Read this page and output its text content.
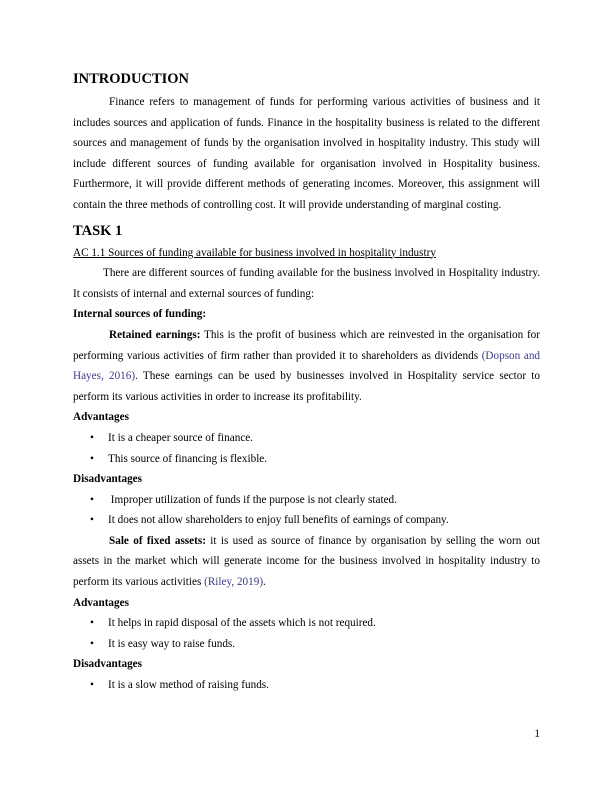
INTRODUCTION

Finance refers to management of funds for performing various activities of business and it includes sources and application of funds. Finance in the hospitality business is related to the different sources and management of funds by the organisation involved in hospitality industry. This study will include different sources of funding available for organisation involved in Hospitality business. Furthermore, it will provide different methods of generating incomes. Moreover, this assignment will contain the three methods of controlling cost. It will provide understanding of marginal costing.

TASK 1
AC 1.1 Sources of funding available for business involved in hospitality industry

There are different sources of funding available for the business involved in Hospitality industry. It consists of internal and external sources of funding:

Internal sources of funding:

Retained earnings: This is the profit of business which are reinvested in the organisation for performing various activities of firm rather than provided it to shareholders as dividends (Dopson and Hayes, 2016). These earnings can be used by businesses involved in Hospitality service sector to perform its various activities in order to increase its profitability.

Advantages
• It is a cheaper source of finance.
• This source of financing is flexible.
Disadvantages
• Improper utilization of funds if the purpose is not clearly stated.
• It does not allow shareholders to enjoy full benefits of earnings of company.

Sale of fixed assets: it is used as source of finance by organisation by selling the worn out assets in the market which will generate income for the business involved in hospitality industry to perform its various activities (Riley, 2019).

Advantages
• It helps in rapid disposal of the assets which is not required.
• It is easy way to raise funds.
Disadvantages
• It is a slow method of raising funds.
1
